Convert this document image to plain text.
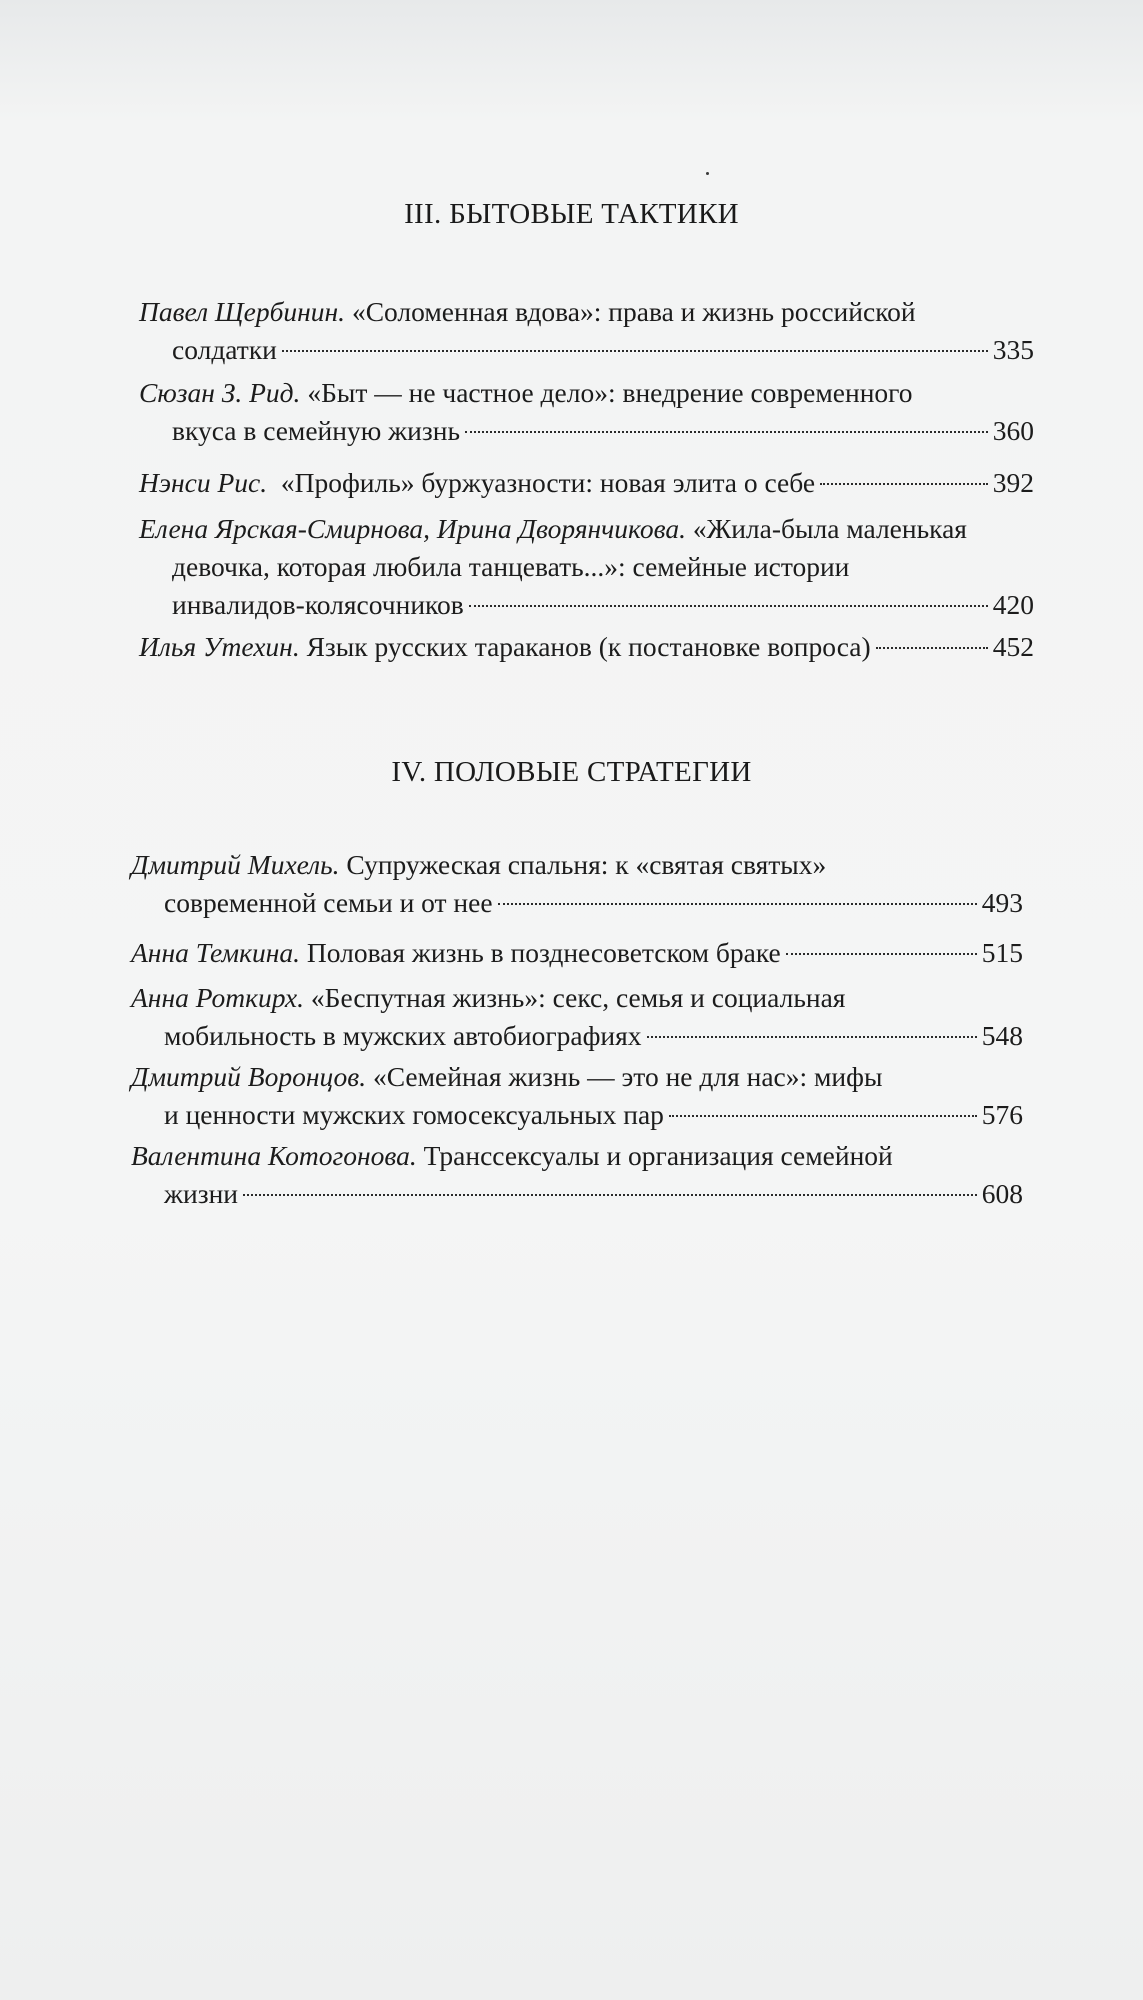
III. БЫТОВЫЕ ТАКТИКИ
Павел Щербинин. «Соломенная вдова»: права и жизнь российской
солдатки	335
Сюзан З. Рид. «Быт — не частное дело»: внедрение современного
вкуса в семейную жизнь	360
Нэнси Рис. «Профиль» буржуазности: новая элита о себе	392
Елена Ярская-Смирнова, Ирина Дворянчикова. «Жила-была маленькая
девочка, которая любила танцевать...»: семейные истории
инвалидов-колясочников	420
Илья Утехин. Язык русских тараканов (к постановке вопроса)	452
IV. ПОЛОВЫЕ СТРАТЕГИИ
Дмитрий Михель. Супружеская спальня: к «святая святых»
современной семьи и от нее	493
Анна Темкина. Половая жизнь в позднесоветском браке	515
Анна Роткирх. «Беспутная жизнь»: секс, семья и социальная
мобильность в мужских автобиографиях	548
Дмитрий Воронцов. «Семейная жизнь — это не для нас»: мифы
и ценности мужских гомосексуальных пар	576
Валентина Котогонова. Транссексуалы и организация семейной
жизни	608
